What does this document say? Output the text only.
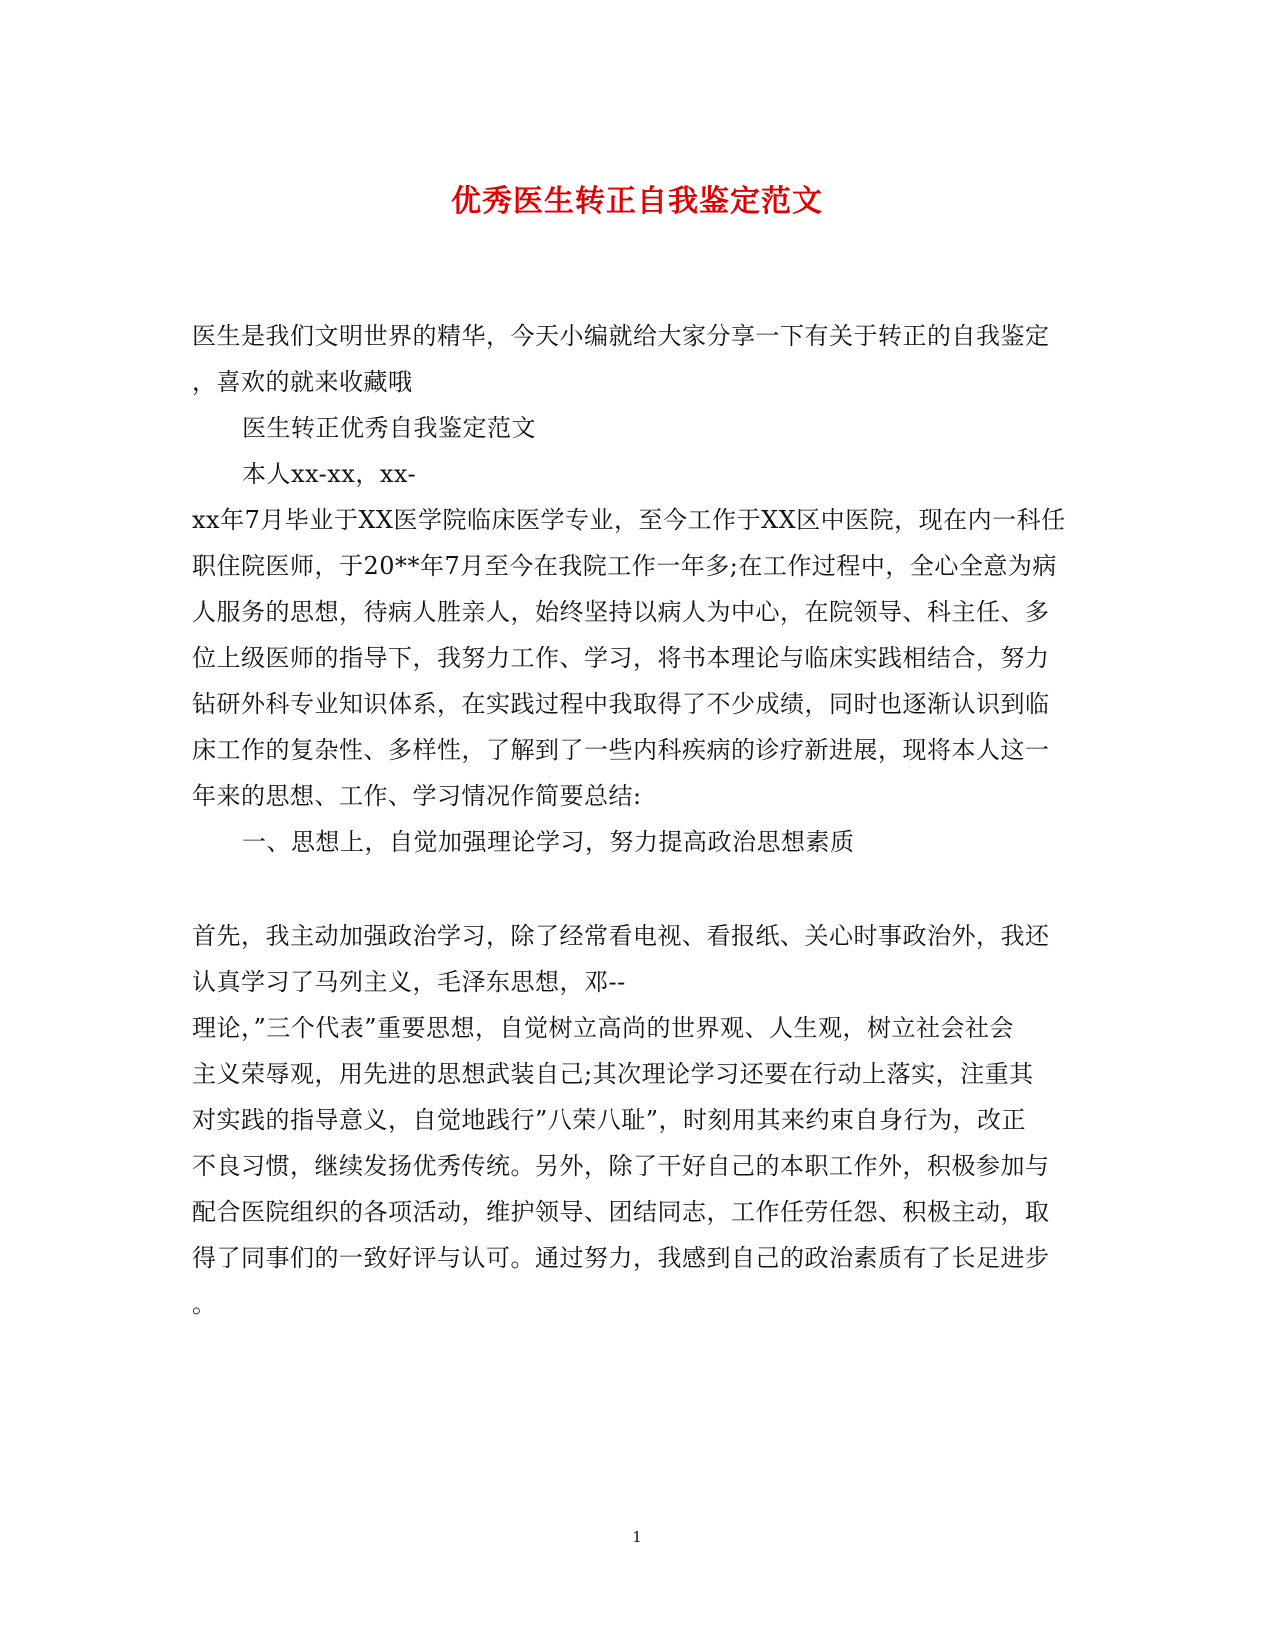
优秀医生转正自我鉴定范文
医生是我们文明世界的精华，今天小编就给大家分享一下有关于转正的自我鉴定
，喜欢的就来收藏哦
医生转正优秀自我鉴定范文
本人xx-xx，xx-
xx年7月毕业于XX医学院临床医学专业，至今工作于XX区中医院，现在内一科任
职住院医师，于20**年7月至今在我院工作一年多;在工作过程中，全心全意为病
人服务的思想，待病人胜亲人，始终坚持以病人为中心，在院领导、科主任、多
位上级医师的指导下，我努力工作、学习，将书本理论与临床实践相结合，努力
钻研外科专业知识体系，在实践过程中我取得了不少成绩，同时也逐渐认识到临
床工作的复杂性、多样性，了解到了一些内科疾病的诊疗新进展，现将本人这一
年来的思想、工作、学习情况作简要总结:
一、思想上，自觉加强理论学习，努力提高政治思想素质
首先，我主动加强政治学习，除了经常看电视、看报纸、关心时事政治外，我还
认真学习了马列主义，毛泽东思想，邓--
理论，”三个代表”重要思想，自觉树立高尚的世界观、人生观，树立社会社会
主义荣辱观，用先进的思想武装自己;其次理论学习还要在行动上落实，注重其
对实践的指导意义，自觉地践行”八荣八耻”，时刻用其来约束自身行为，改正
不良习惯，继续发扬优秀传统。另外，除了干好自己的本职工作外，积极参加与
配合医院组织的各项活动，维护领导、团结同志，工作任劳任怨、积极主动，取
得了同事们的一致好评与认可。通过努力，我感到自己的政治素质有了长足进步
。
1
